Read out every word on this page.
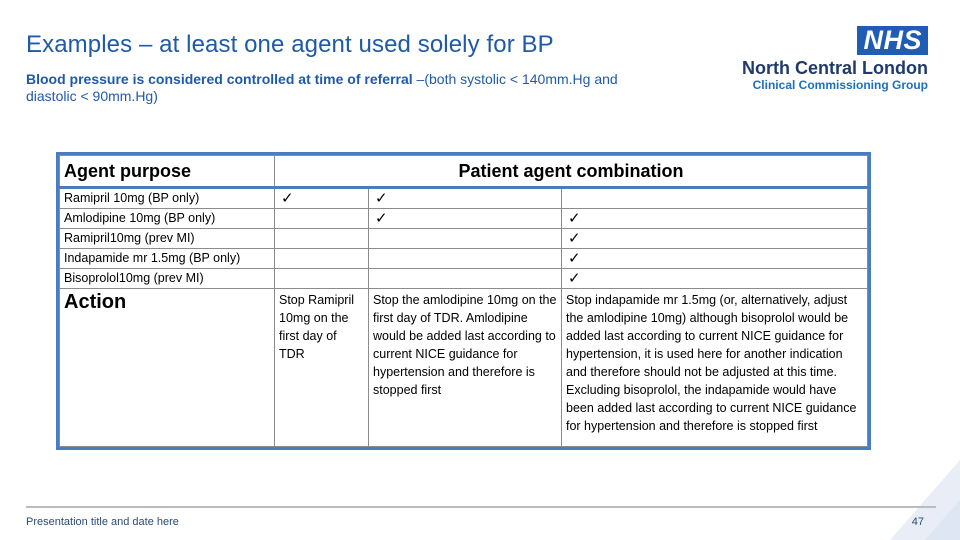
Examples – at least one agent used solely for BP
Blood pressure is considered controlled at time of referral –(both systolic < 140mm.Hg and diastolic < 90mm.Hg)
NHS
North Central London
Clinical Commissioning Group
Agent purpose	Patient agent combination		
Ramipril 10mg (BP only)	✓	✓	
Amlodipine 10mg (BP only)		✓	✓
Ramipril10mg (prev MI)			✓
Indapamide mr 1.5mg (BP only)			✓
Bisoprolol10mg (prev MI)			✓
Action	Stop Ramipril 10mg on the first day of TDR	Stop the amlodipine 10mg on the first day of TDR. Amlodipine would be added last according to current NICE guidance for hypertension and therefore is stopped first	Stop indapamide mr 1.5mg (or, alternatively, adjust the amlodipine 10mg) although bisoprolol would be added last according to current NICE guidance for hypertension, it is used here for another indication and therefore should not be adjusted at this time. Excluding bisoprolol, the indapamide would have been added last according to current NICE guidance for hypertension and therefore is stopped first
Presentation title and date here	47
